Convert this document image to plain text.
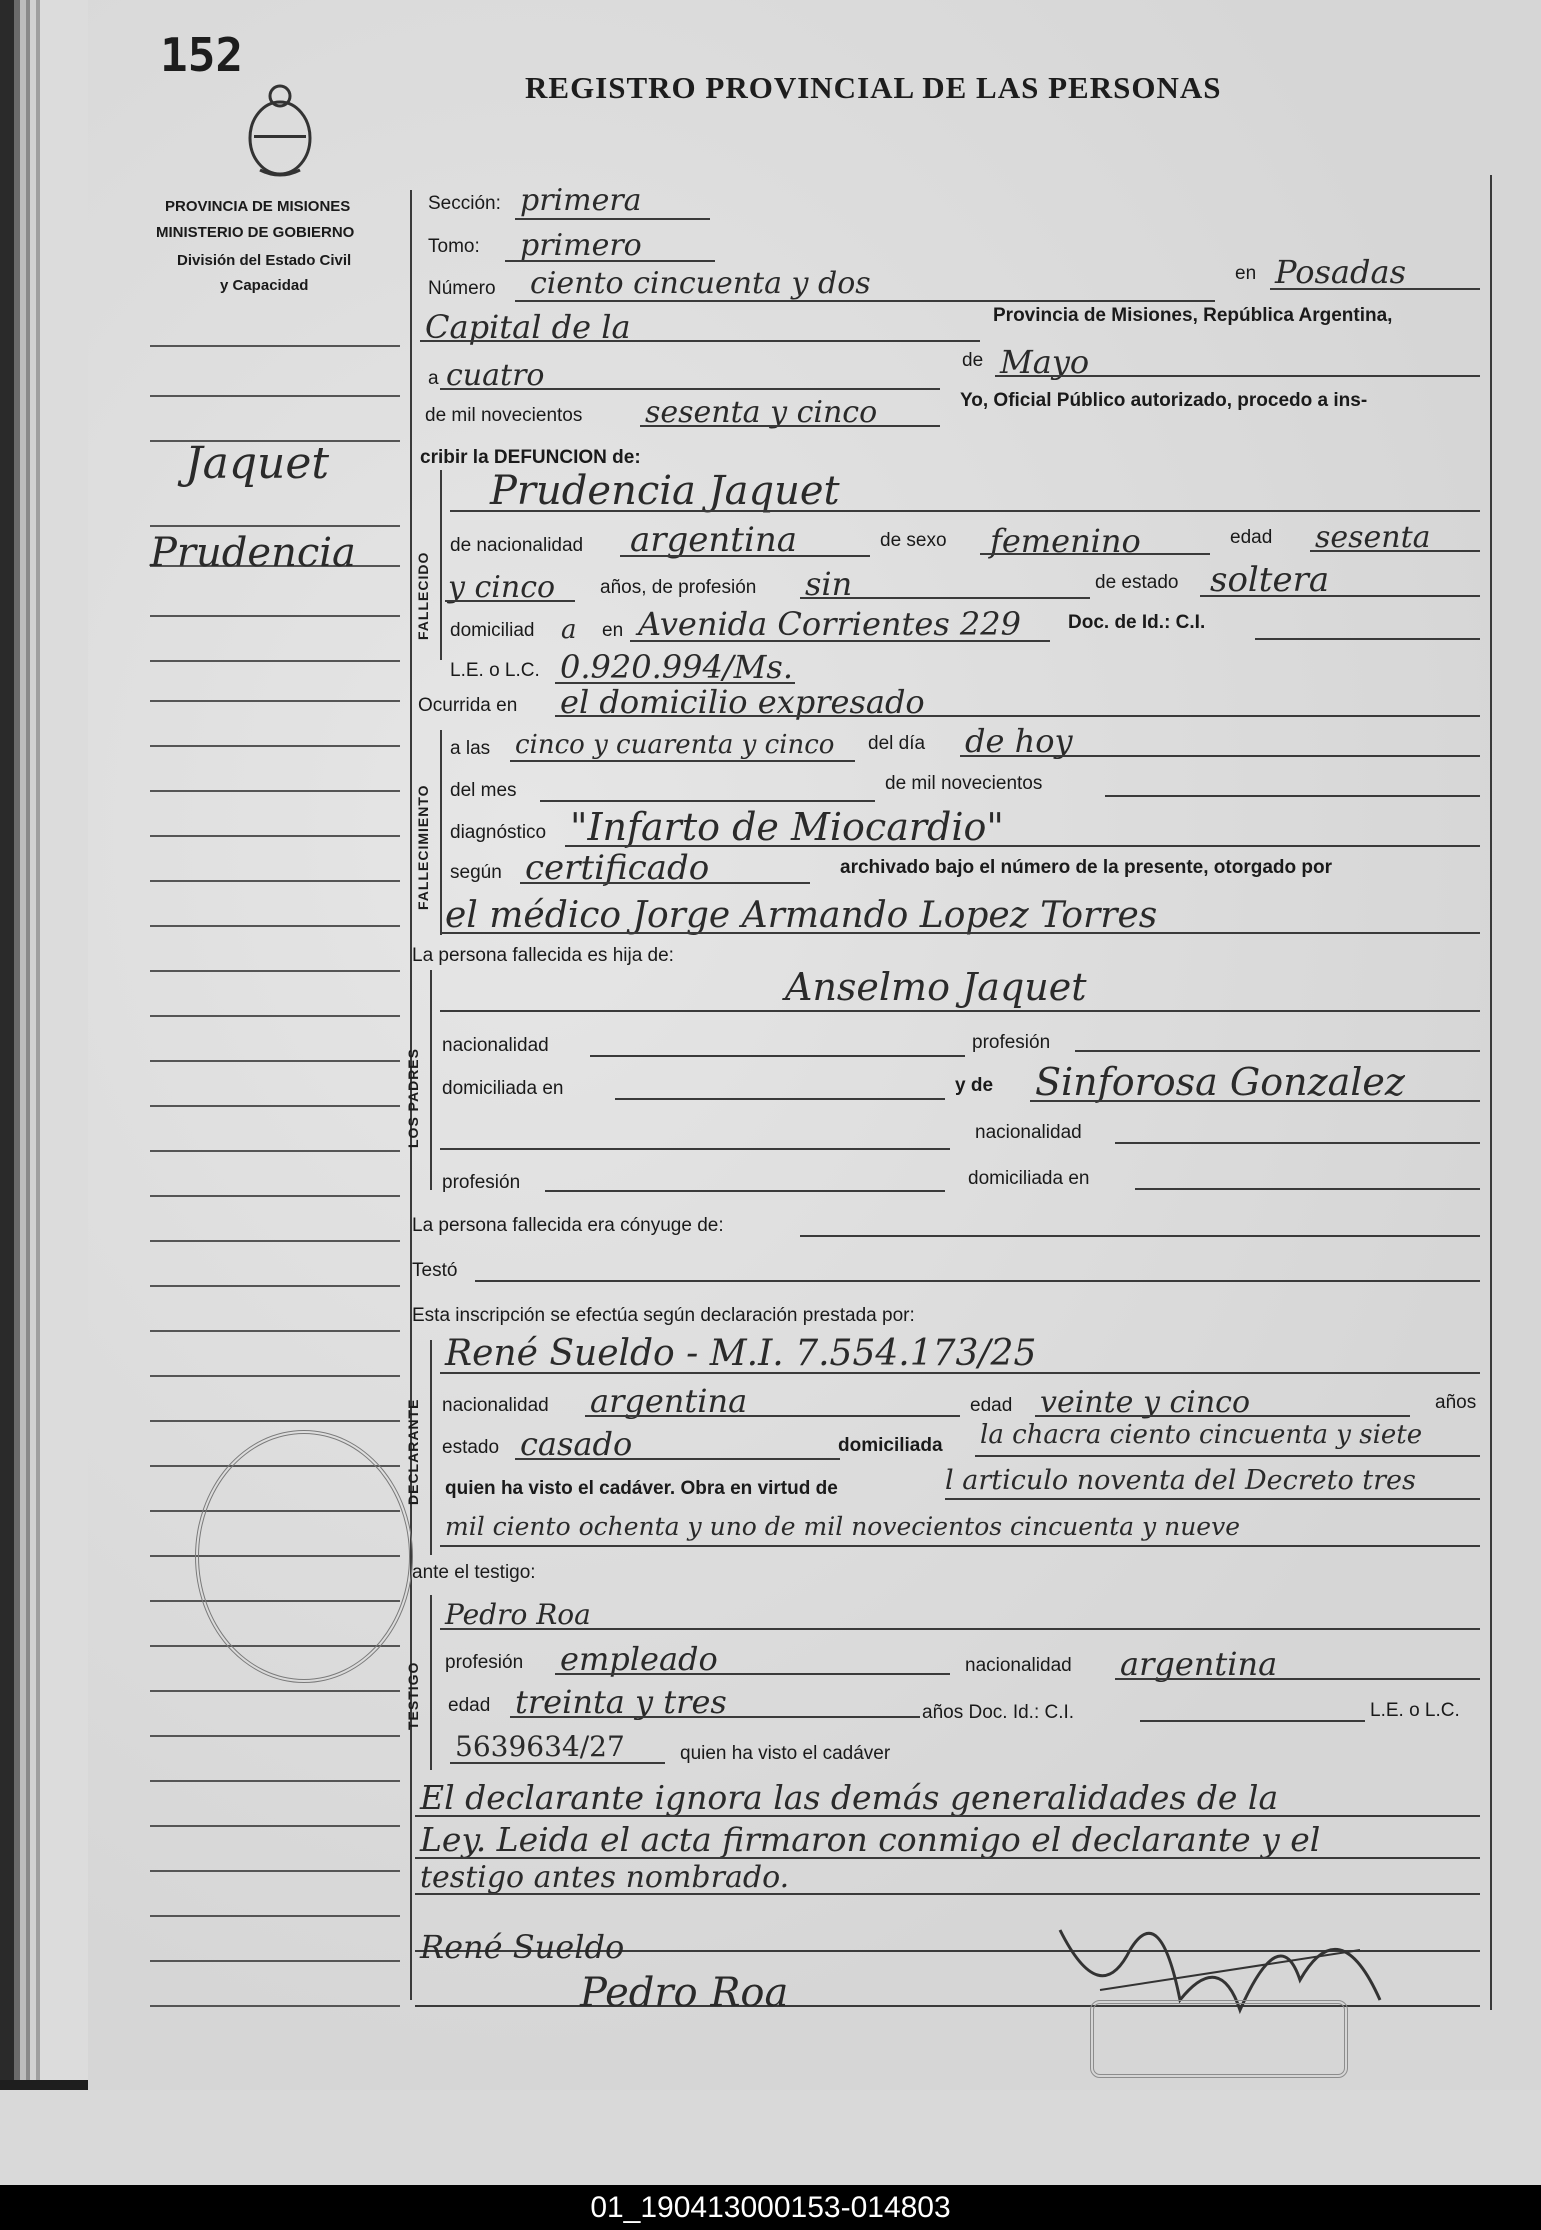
152
REGISTRO PROVINCIAL DE LAS PERSONAS
PROVINCIA DE MISIONES
MINISTERIO DE GOBIERNO
División del Estado Civil
y Capacidad
Jaquet
Prudencia
Sección: primera
Tomo: primero
Número ciento cincuenta y dos	en Posadas
Capital de la	Provincia de Misiones, República Argentina,
a cuatro	de Mayo
de mil novecientos sesenta y cinco	Yo, Oficial Público autorizado, procedo a ins-
cribir la DEFUNCION de:
FALLECIDO
Prudencia Jaquet
de nacionalidad argentina	de sexo femenino	edad sesenta
y cinco años, de profesión sin	de estado soltera
domiciliad a en Avenida Corrientes 229 Doc. de Id.: C.I.
L.E. o L.C. 0.920.994/Ms.
Ocurrida en el domicilio expresado
FALLECIMIENTO
a las cinco y cuarenta y cinco del día de hoy
del mes	de mil novecientos
diagnóstico "Infarto de Miocardio"
según certificado	archivado bajo el número de la presente, otorgado por
el médico Jorge Armando Lopez Torres
La persona fallecida es hija de:
LOS PADRES
Anselmo Jaquet
nacionalidad	profesión
domiciliada en	y de Sinforosa Gonzalez
nacionalidad
profesión	domiciliada en
La persona fallecida era cónyuge de:
Testó
Esta inscripción se efectúa según declaración prestada por:
DECLARANTE
René Sueldo - M.I. 7.554.173/25
nacionalidad argentina	edad veinte y cinco	años
estado casado	domiciliada la chacra ciento cincuenta y siete
quien ha visto el cadáver. Obra en virtud de	l articulo noventa del Decreto tres
mil ciento ochenta y uno de mil novecientos cincuenta y nueve
ante el testigo:
TESTIGO
Pedro Roa
profesión empleado	nacionalidad argentina
edad treinta y tres	años Doc. Id.: C.I.	L.E. o L.C.
5639634/27	quien ha visto el cadáver
El declarante ignora las demás generalidades de la
Ley. Leida el acta firmaron conmigo el declarante y el
testigo antes nombrado.
René Sueldo
Pedro Roa
01_190413000153-014803
